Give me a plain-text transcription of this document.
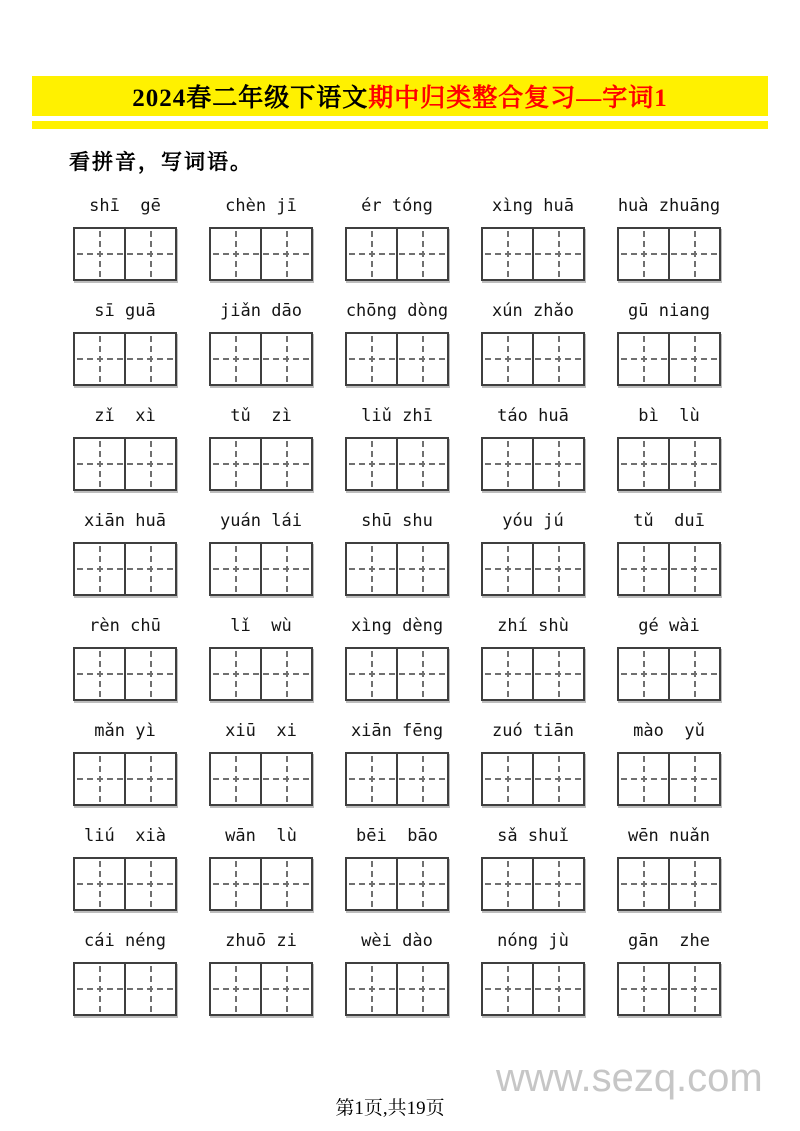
2024春二年级下语文 期中归类整合复习—字词1
看拼音，写词语。
shī  gē	chèn jī	ér tóng	xìng huā	huà zhuāng
sī guā	jiǎn dāo	chōng dòng	xún zhǎo	gū niang
zǐ  xì	tǔ  zì	liǔ zhī	táo huā	bì  lù
xiān huā	yuán lái	shū shu	yóu jú	tǔ  duī
rèn chū	lǐ  wù	xìng dèng	zhí shù	gé wài
mǎn yì	xiū  xi	xiān fēng	zuó tiān	mào  yǔ
liú  xià	wān  lù	bēi  bāo	sǎ shuǐ	wēn nuǎn
cái néng	zhuō zi	wèi dào	nóng jù	gān  zhe
www.sezq.com
第1页,共19页
